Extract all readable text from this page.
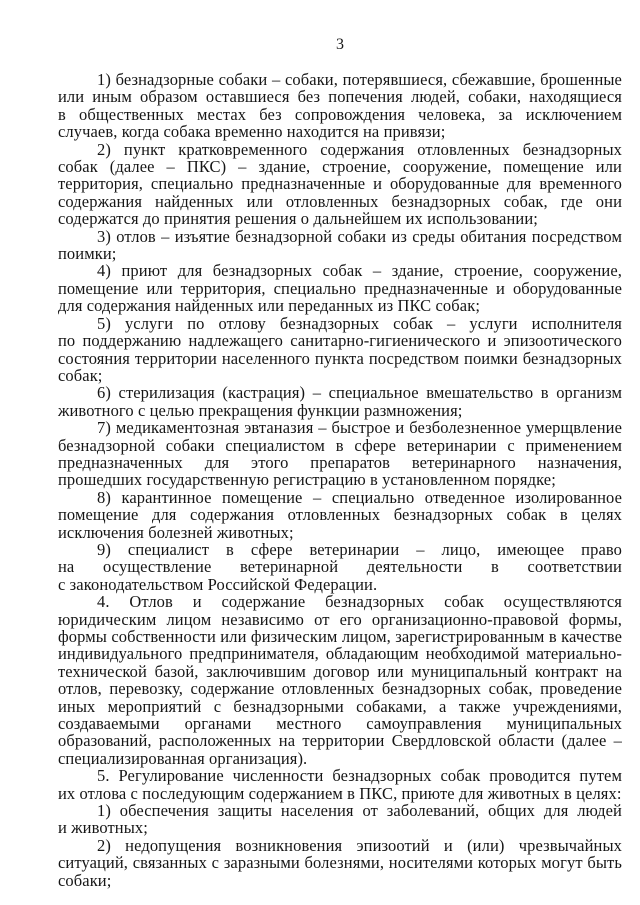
3

1) безнадзорные собаки – собаки, потерявшиеся, сбежавшие, брошенные или иным образом оставшиеся без попечения людей, собаки, находящиеся в общественных местах без сопровождения человека, за исключением случаев, когда собака временно находится на привязи;

2) пункт кратковременного содержания отловленных безнадзорных собак (далее – ПКС) – здание, строение, сооружение, помещение или территория, специально предназначенные и оборудованные для временного содержания найденных или отловленных безнадзорных собак, где они содержатся до принятия решения о дальнейшем их использовании;

3) отлов – изъятие безнадзорной собаки из среды обитания посредством поимки;

4) приют для безнадзорных собак – здание, строение, сооружение, помещение или территория, специально предназначенные и оборудованные для содержания найденных или переданных из ПКС собак;

5) услуги по отлову безнадзорных собак – услуги исполнителя по поддержанию надлежащего санитарно-гигиенического и эпизоотического состояния территории населенного пункта посредством поимки безнадзорных собак;

6) стерилизация (кастрация) – специальное вмешательство в организм животного с целью прекращения функции размножения;

7) медикаментозная эвтаназия – быстрое и безболезненное умерщвление безнадзорной собаки специалистом в сфере ветеринарии с применением предназначенных для этого препаратов ветеринарного назначения, прошедших государственную регистрацию в установленном порядке;

8) карантинное помещение – специально отведенное изолированное помещение для содержания отловленных безнадзорных собак в целях исключения болезней животных;

9) специалист в сфере ветеринарии – лицо, имеющее право на осуществление ветеринарной деятельности в соответствии с законодательством Российской Федерации.

4. Отлов и содержание безнадзорных собак осуществляются юридическим лицом независимо от его организационно-правовой формы, формы собственности или физическим лицом, зарегистрированным в качестве индивидуального предпринимателя, обладающим необходимой материально-технической базой, заключившим договор или муниципальный контракт на отлов, перевозку, содержание отловленных безнадзорных собак, проведение иных мероприятий с безнадзорными собаками, а также учреждениями, создаваемыми органами местного самоуправления муниципальных образований, расположенных на территории Свердловской области (далее – специализированная организация).

5. Регулирование численности безнадзорных собак проводится путем их отлова с последующим содержанием в ПКС, приюте для животных в целях:

1) обеспечения защиты населения от заболеваний, общих для людей и животных;

2) недопущения возникновения эпизоотий и (или) чрезвычайных ситуаций, связанных с заразными болезнями, носителями которых могут быть собаки;
